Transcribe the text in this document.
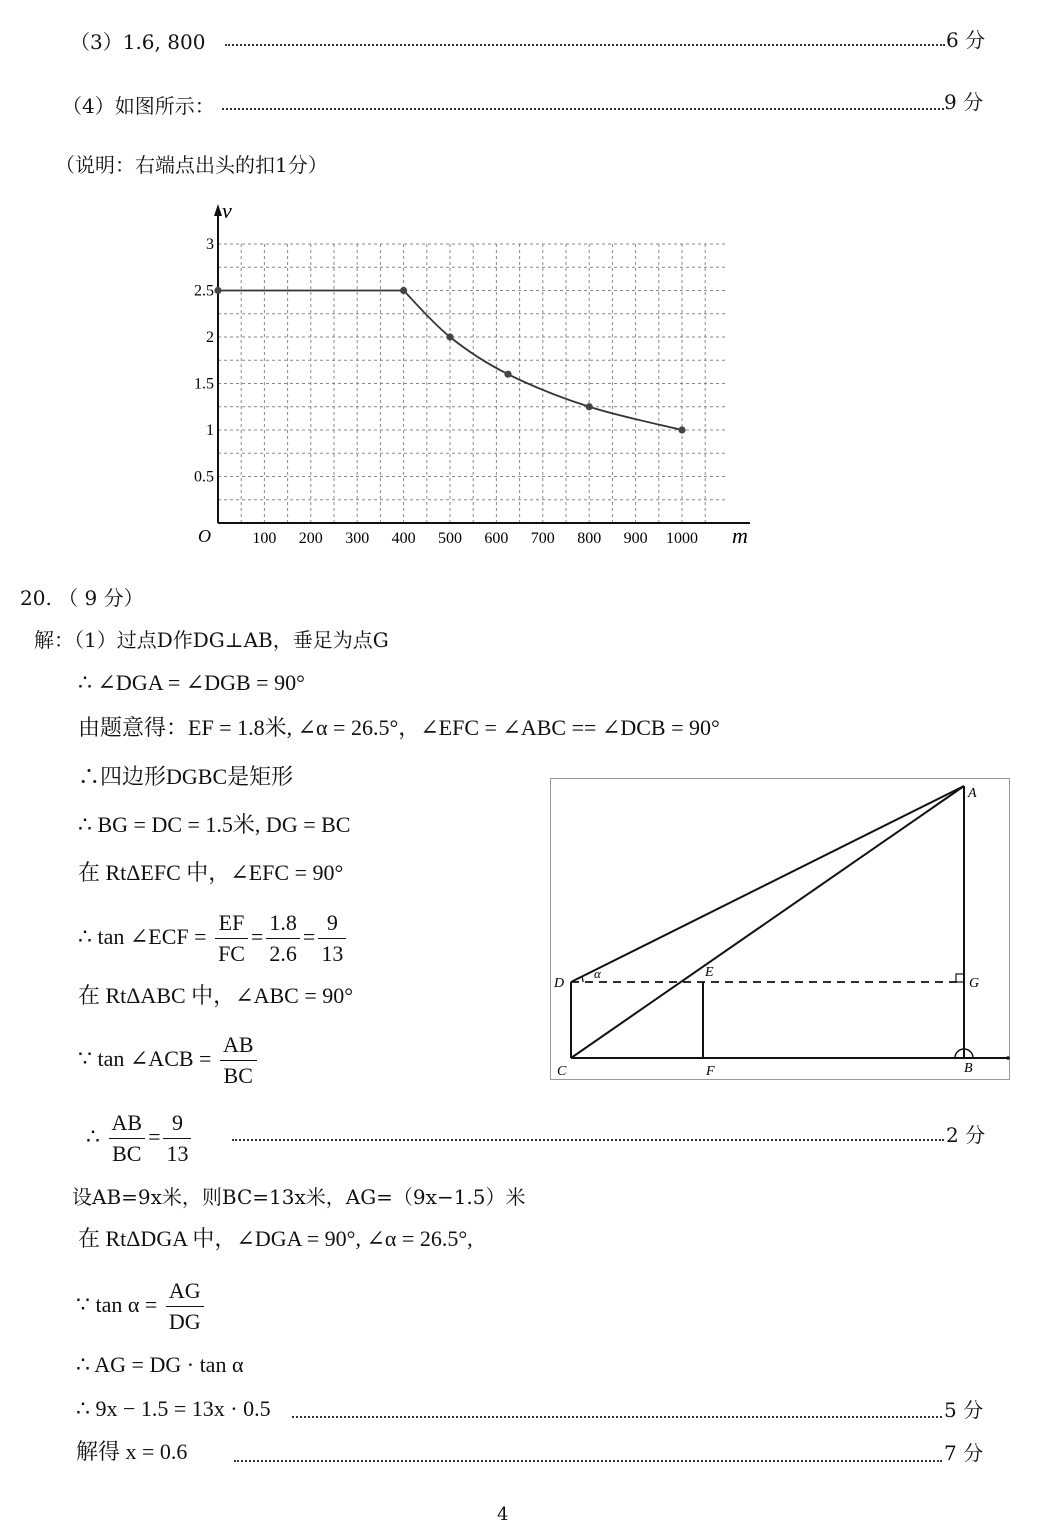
（3）1.6, 800	6 分
（4）如图所示：	9 分
（说明：右端点出头的扣1分）
100 200 300 400 500 600 700 800 900 1000
0.5
1
1.5
2
2.5
3
v
m
O
20. （ 9 分）
解：（1）过点D作DG⊥AB，垂足为点G
∴ ∠DGA = ∠DGB = 90°
由题意得：EF = 1.8米, ∠α = 26.5°，∠EFC = ∠ABC == ∠DCB = 90°
∴四边形DGBC是矩形
∴ BG = DC = 1.5米, DG = BC
在 RtΔEFC 中，∠EFC = 90°
∴ tan ∠ECF = $\frac{EF}{FC} = \frac{1.8}{2.6} = \frac{9}{13}$
在 RtΔABC 中，∠ABC = 90°
∵ tan ∠ACB = $\frac{AB}{BC}$
∴ $\frac{AB}{BC} = \frac{9}{13}$	2 分
设AB=9x米，则BC=13x米，AG=（9x−1.5）米
在 RtΔDGA 中，∠DGA = 90°, ∠α = 26.5°,
∵ $\tan \alpha = \frac{AG}{DG}$
∴ AG = DG · tan α
∴ 9x − 1.5 = 13x · 0.5	5 分
解得 x = 0.6	7 分
4
A
B
C
D
E
F
G
α
